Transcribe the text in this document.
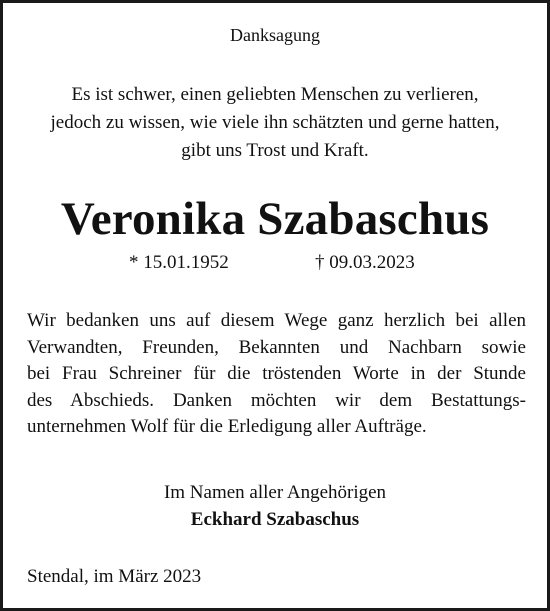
Danksagung
Es ist schwer, einen geliebten Menschen zu verlieren,
jedoch zu wissen, wie viele ihn schätzten und gerne hatten,
gibt uns Trost und Kraft.
Veronika Szabaschus
* 15.01.1952	† 09.03.2023
Wir bedanken uns auf diesem Wege ganz herzlich bei allen
Verwandten, Freunden, Bekannten und Nachbarn sowie
bei Frau Schreiner für die tröstenden Worte in der Stunde
des Abschieds. Danken möchten wir dem Bestattungs-
unternehmen Wolf für die Erledigung aller Aufträge.
Im Namen aller Angehörigen
Eckhard Szabaschus
Stendal, im März 2023
